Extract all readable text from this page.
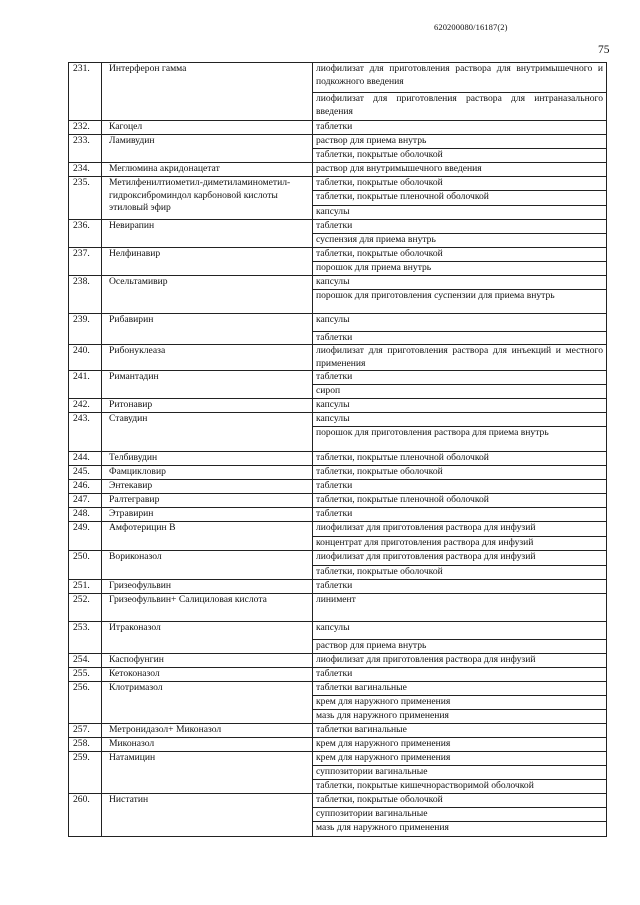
620200080/16187(2)
75
231.	Интерферон гамма	лиофилизат для приготовления раствора для внутримышечного и подкожного введения
		лиофилизат для приготовления раствора для интраназального введения
232.	Кагоцел	таблетки
233.	Ламивудин	раствор для приема внутрь
		таблетки, покрытые оболочкой
234.	Меглюмина акридонацетат	раствор для внутримышечного введения
235.	Метилфенилтиометил-диметиламинометил-гидроксиброминдол карбоновой кислоты этиловый эфир	таблетки, покрытые оболочкой
		таблетки, покрытые пленочной оболочкой
		капсулы
236.	Невирапин	таблетки
		суспензия для приема внутрь
237.	Нелфинавир	таблетки, покрытые оболочкой
		порошок для приема внутрь
238.	Осельтамивир	капсулы
		порошок для приготовления суспензии для приема внутрь
239.	Рибавирин	капсулы
		таблетки
240.	Рибонуклеаза	лиофилизат для приготовления раствора для инъекций и местного применения
241.	Римантадин	таблетки
		сироп
242.	Ритонавир	капсулы
243.	Ставудин	капсулы
		порошок для приготовления раствора для приема внутрь
244.	Телбивудин	таблетки, покрытые пленочной оболочкой
245.	Фамцикловир	таблетки, покрытые оболочкой
246.	Энтекавир	таблетки
247.	Ралтегравир	таблетки, покрытые пленочной оболочкой
248.	Этравирин	таблетки
249.	Амфотерицин В	лиофилизат для приготовления раствора для инфузий
		концентрат для приготовления раствора для инфузий
250.	Вориконазол	лиофилизат для приготовления раствора для инфузий
		таблетки, покрытые оболочкой
251.	Гризеофульвин	таблетки
252.	Гризеофульвин+ Салициловая кислота	линимент
253.	Итраконазол	капсулы
		раствор для приема внутрь
254.	Каспофунгин	лиофилизат для приготовления раствора для инфузий
255.	Кетоконазол	таблетки
256.	Клотримазол	таблетки вагинальные
		крем для наружного применения
		мазь для наружного применения
257.	Метронидазол+ Миконазол	таблетки вагинальные
258.	Миконазол	крем для наружного применения
259.	Натамицин	крем для наружного применения
		суппозитории вагинальные
		таблетки, покрытые кишечнорастворимой оболочкой
260.	Нистатин	таблетки, покрытые оболочкой
		суппозитории вагинальные
		мазь для наружного применения
